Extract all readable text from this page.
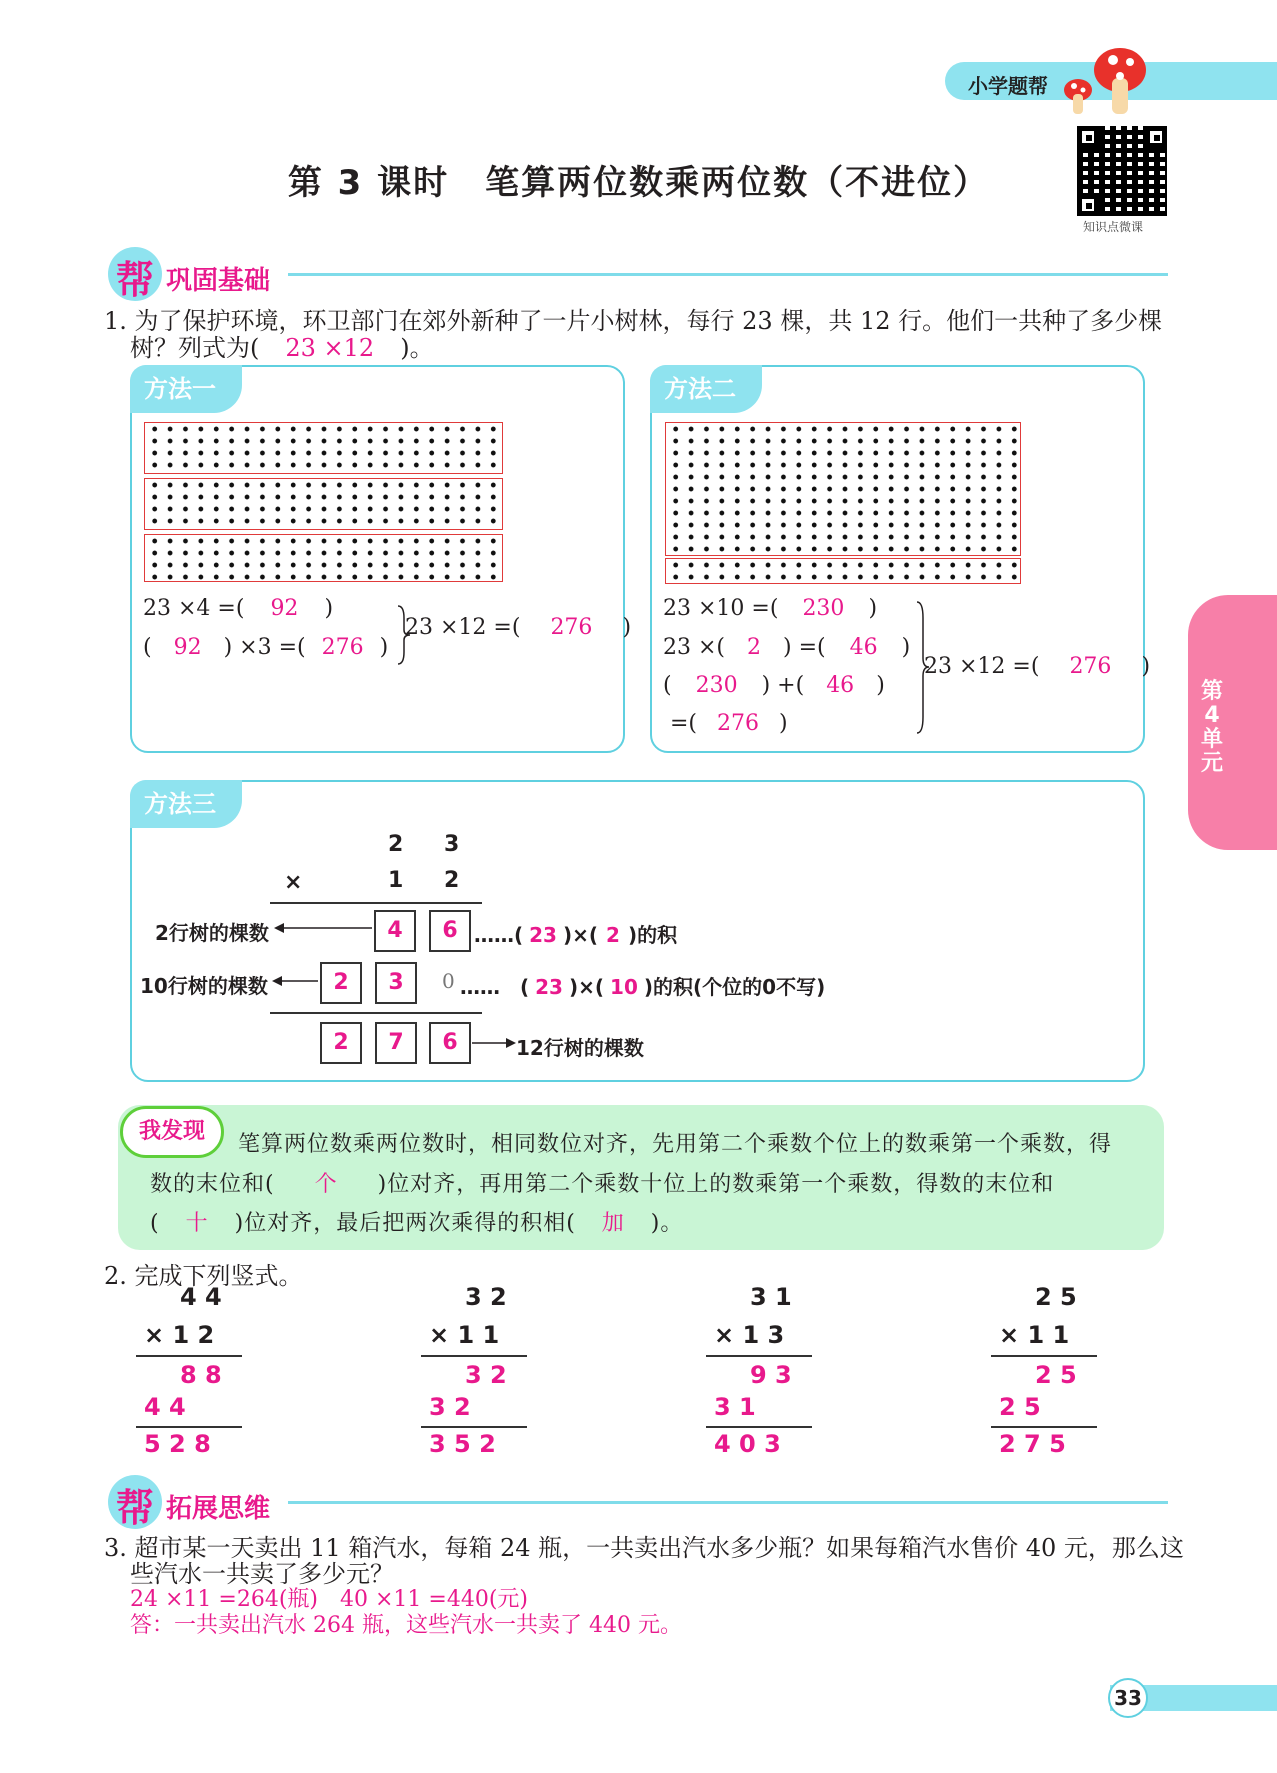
小学题帮
知识点微课
第 3 课时　笔算两位数乘两位数（不进位）
帮 巩固基础
1. 为了保护环境，环卫部门在郊外新种了一片小树林，每行 23 棵，共 12 行。他们一共种了多少棵
树？列式为( 23 ×12 )。
方法一
23 ×4 =( 92 )
( 92 ) ×3 =( 276 )
23 ×12 =( 276 )
方法二
23 ×10 =( 230 )
23 ×( 2 ) =( 46 )
( 230 ) +( 46 )
=( 276 )
23 ×12 =( 276 )
方法三
2 3
×	1 2
2行树的棵数	4	6 ……( 23 )×( 2 )的积
10行树的棵数	2	3	0 ……　( 23 )×( 10 )的积(个位的0不写)
2	7	6	12行树的棵数
我发现
笔算两位数乘两位数时，相同数位对齐，先用第二个乘数个位上的数乘第一个乘数，得
数的末位和( 个 )位对齐，再用第二个乘数十位上的数乘第一个乘数，得数的末位和
( 十 )位对齐，最后把两次乘得的积相( 加 )。
2. 完成下列竖式。
4 4
× 1 2
8 8
4 4
5 2 8
3 2
× 1 1
3 2
3 2
3 5 2
3 1
× 1 3
9 3
3 1
4 0 3
2 5
× 1 1
2 5
2 5
2 7 5
帮 拓展思维
3. 超市某一天卖出 11 箱汽水，每箱 24 瓶，一共卖出汽水多少瓶？如果每箱汽水售价 40 元，那么这
些汽水一共卖了多少元？
24 ×11 =264(瓶)　40 ×11 =440(元)
答：一共卖出汽水 264 瓶，这些汽水一共卖了 440 元。
第
4
单
元
33
